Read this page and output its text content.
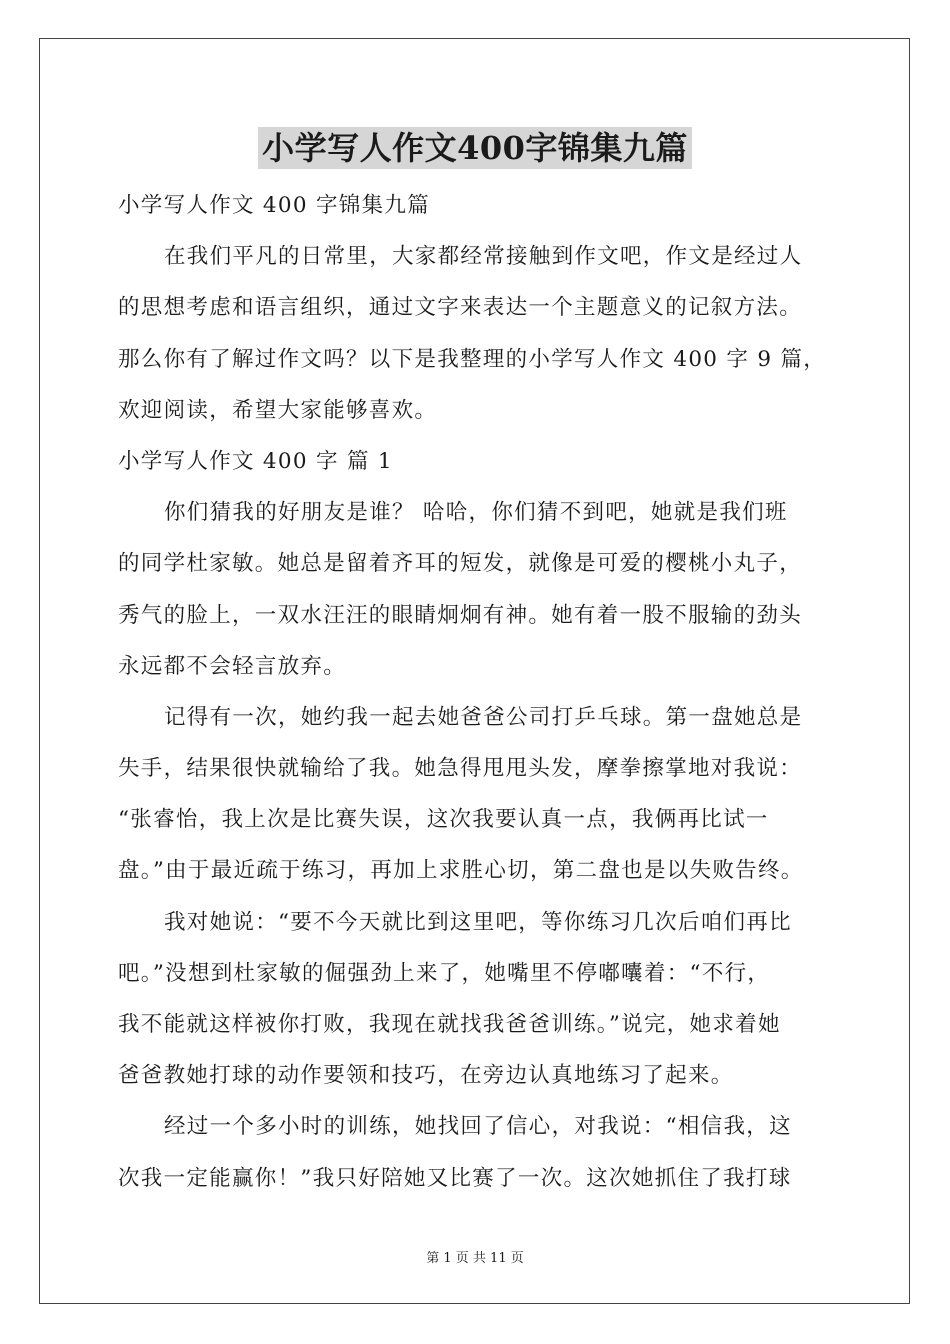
小学写人作文400字锦集九篇
小学写人作文 400 字锦集九篇
在我们平凡的日常里，大家都经常接触到作文吧，作文是经过人
的思想考虑和语言组织，通过文字来表达一个主题意义的记叙方法。
那么你有了解过作文吗？以下是我整理的小学写人作文 400 字 9 篇，
欢迎阅读，希望大家能够喜欢。
小学写人作文 400 字 篇 1
你们猜我的好朋友是谁？ 哈哈，你们猜不到吧，她就是我们班
的同学杜家敏。她总是留着齐耳的短发，就像是可爱的樱桃小丸子，
秀气的脸上，一双水汪汪的眼睛炯炯有神。她有着一股不服输的劲头
永远都不会轻言放弃。
记得有一次，她约我一起去她爸爸公司打乒乓球。第一盘她总是
失手，结果很快就输给了我。她急得甩甩头发，摩拳擦掌地对我说：
“张睿怡，我上次是比赛失误，这次我要认真一点，我俩再比试一
盘。”由于最近疏于练习，再加上求胜心切，第二盘也是以失败告终。
我对她说：“要不今天就比到这里吧，等你练习几次后咱们再比
吧。”没想到杜家敏的倔强劲上来了，她嘴里不停嘟囔着：“不行，
我不能就这样被你打败，我现在就找我爸爸训练。”说完，她求着她
爸爸教她打球的动作要领和技巧，在旁边认真地练习了起来。
经过一个多小时的训练，她找回了信心，对我说：“相信我，这
次我一定能赢你！”我只好陪她又比赛了一次。这次她抓住了我打球
第 1 页 共 11 页
